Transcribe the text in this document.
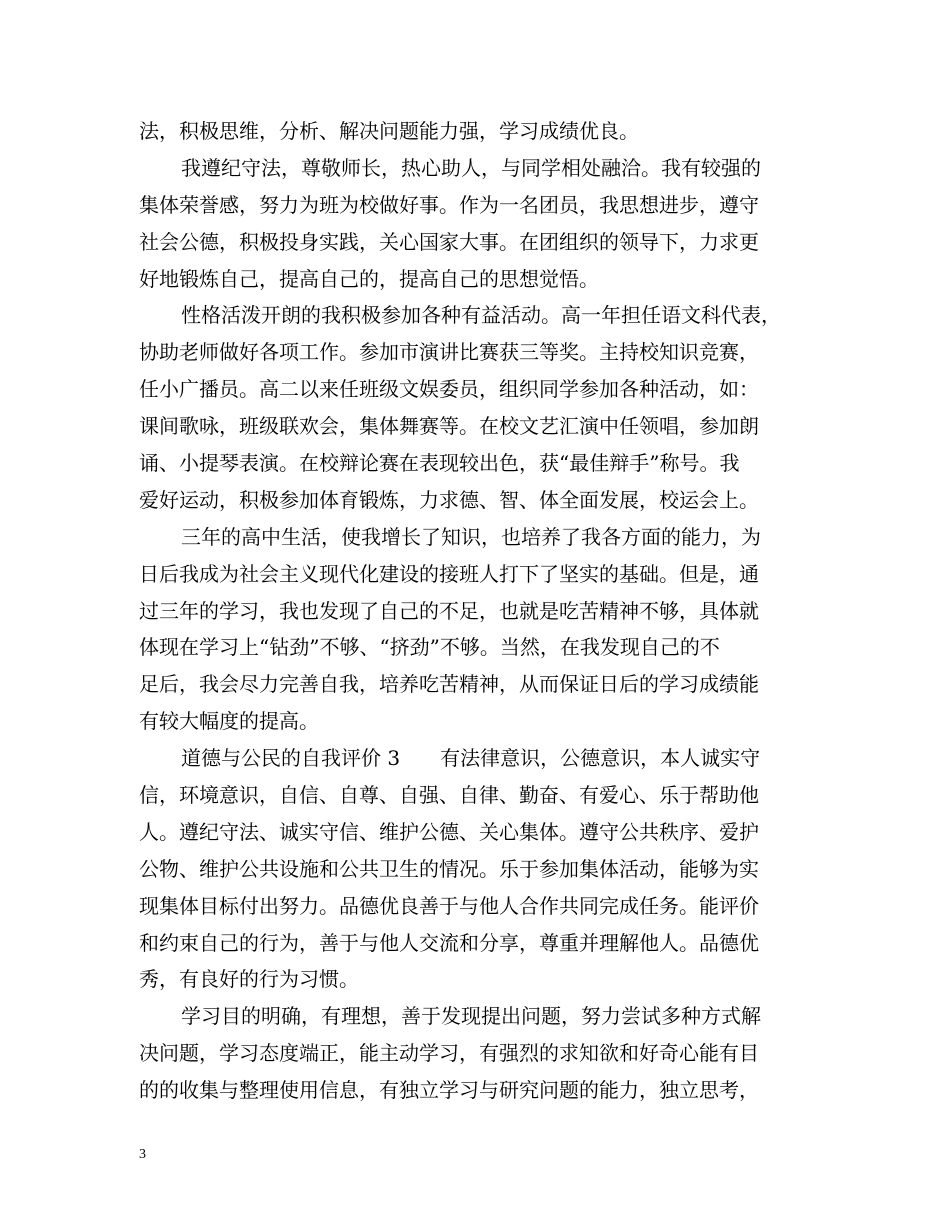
法，积极思维，分析、解决问题能力强，学习成绩优良。
我遵纪守法，尊敬师长，热心助人，与同学相处融洽。我有较强的
集体荣誉感，努力为班为校做好事。作为一名团员，我思想进步，遵守
社会公德，积极投身实践，关心国家大事。在团组织的领导下，力求更
好地锻炼自己，提高自己的，提高自己的思想觉悟。
性格活泼开朗的我积极参加各种有益活动。高一年担任语文科代表，
协助老师做好各项工作。参加市演讲比赛获三等奖。主持校知识竞赛，
任小广播员。高二以来任班级文娱委员，组织同学参加各种活动，如：
课间歌咏，班级联欢会，集体舞赛等。在校文艺汇演中任领唱，参加朗
诵、小提琴表演。在校辩论赛在表现较出色，获“最佳辩手”称号。我
爱好运动，积极参加体育锻炼，力求德、智、体全面发展，校运会上。
三年的高中生活，使我增长了知识，也培养了我各方面的能力，为
日后我成为社会主义现代化建设的接班人打下了坚实的基础。但是，通
过三年的学习，我也发现了自己的不足，也就是吃苦精神不够，具体就
体现在学习上“钻劲”不够、“挤劲”不够。当然，在我发现自己的不
足后，我会尽力完善自我，培养吃苦精神，从而保证日后的学习成绩能
有较大幅度的提高。
道德与公民的自我评价 3　　有法律意识，公德意识，本人诚实守
信，环境意识，自信、自尊、自强、自律、勤奋、有爱心、乐于帮助他
人。遵纪守法、诚实守信、维护公德、关心集体。遵守公共秩序、爱护
公物、维护公共设施和公共卫生的情况。乐于参加集体活动，能够为实
现集体目标付出努力。品德优良善于与他人合作共同完成任务。能评价
和约束自己的行为，善于与他人交流和分享，尊重并理解他人。品德优
秀，有良好的行为习惯。
学习目的明确，有理想，善于发现提出问题，努力尝试多种方式解
决问题，学习态度端正，能主动学习，有强烈的求知欲和好奇心能有目
的的收集与整理使用信息，有独立学习与研究问题的能力，独立思考，
3
